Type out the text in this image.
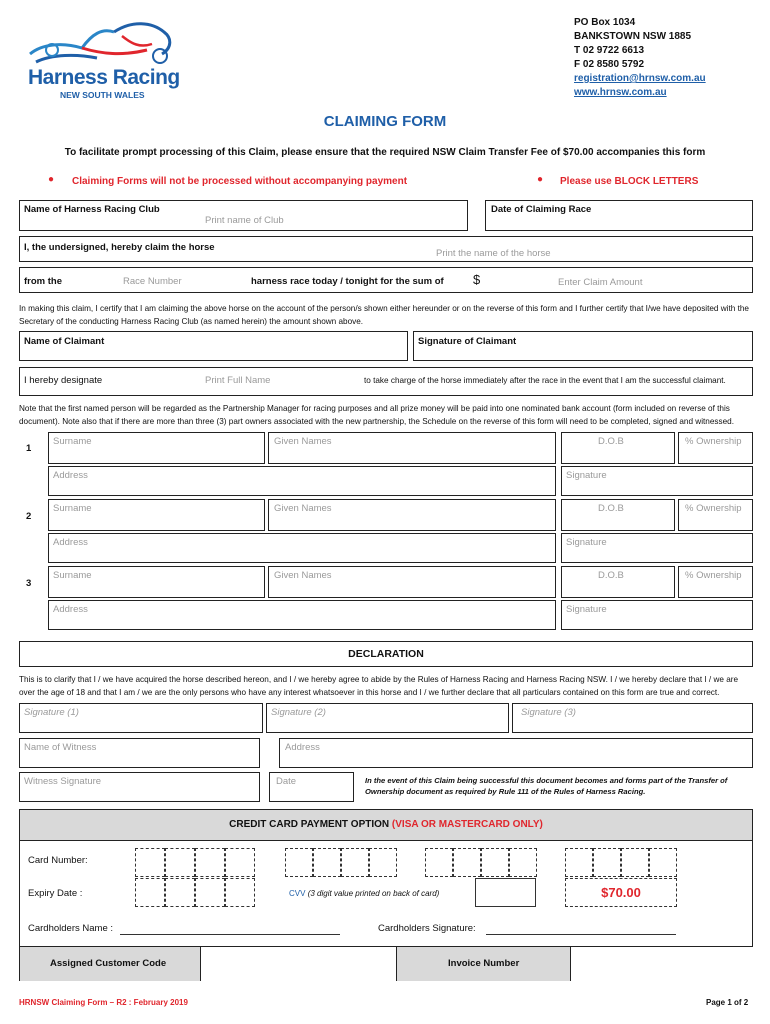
Harness Racing
NEW SOUTH WALES
PO Box 1034
BANKSTOWN NSW 1885
T 02 9722 6613
F 02 8580 5792
registration@hrnsw.com.au
www.hrnsw.com.au
CLAIMING FORM
To facilitate prompt processing of this Claim, please ensure that the required NSW Claim Transfer Fee of $70.00 accompanies this form
● Claiming Forms will not be processed without accompanying payment	● Please use BLOCK LETTERS
Name of Harness Racing Club
Print name of Club
Date of Claiming Race
I, the undersigned, hereby claim the horse
Print the name of the horse
from the	Race Number	harness race today / tonight for the sum of $	Enter Claim Amount
In making this claim, I certify that I am claiming the above horse on the account of the person/s shown either hereunder or on the reverse of this form and I further certify that I/we have deposited with the Secretary of the conducting Harness Racing Club (as named herein) the amount shown above.
Name of Claimant	Signature of Claimant
I hereby designate	Print Full Name	to take charge of the horse immediately after the race in the event that I am the successful claimant.
Note that the first named person will be regarded as the Partnership Manager for racing purposes and all prize money will be paid into one nominated bank account (form included on reverse of this document). Note also that if there are more than three (3) part owners associated with the new partnership, the Schedule on the reverse of this form will need to be completed, signed and witnessed.
1
Surname	Given Names	D.O.B	% Ownership
Address	Signature
2
Surname	Given Names	D.O.B	% Ownership
Address	Signature
3
Surname	Given Names	D.O.B	% Ownership
Address	Signature
DECLARATION
This is to clarify that I / we have acquired the horse described hereon, and I / we hereby agree to abide by the Rules of Harness Racing and Harness Racing NSW. I / we hereby declare that I / we are over the age of 18 and that I am / we are the only persons who have any interest whatsoever in this horse and I / we further declare that all particulars contained on this form are true and correct.
Signature (1)	Signature (2)	Signature (3)
Name of Witness	Address
Witness Signature	Date	In the event of this Claim being successful this document becomes and forms part of the Transfer of Ownership document as required by Rule 111 of the Rules of Harness Racing.
CREDIT CARD PAYMENT OPTION (VISA OR MASTERCARD ONLY)
Card Number:
Expiry Date :	CVV (3 digit value printed on back of card)	$70.00
Cardholders Name :	Cardholders Signature:
Assigned Customer Code	Invoice Number
HRNSW Claiming Form – R2 : February 2019	Page 1 of 2
